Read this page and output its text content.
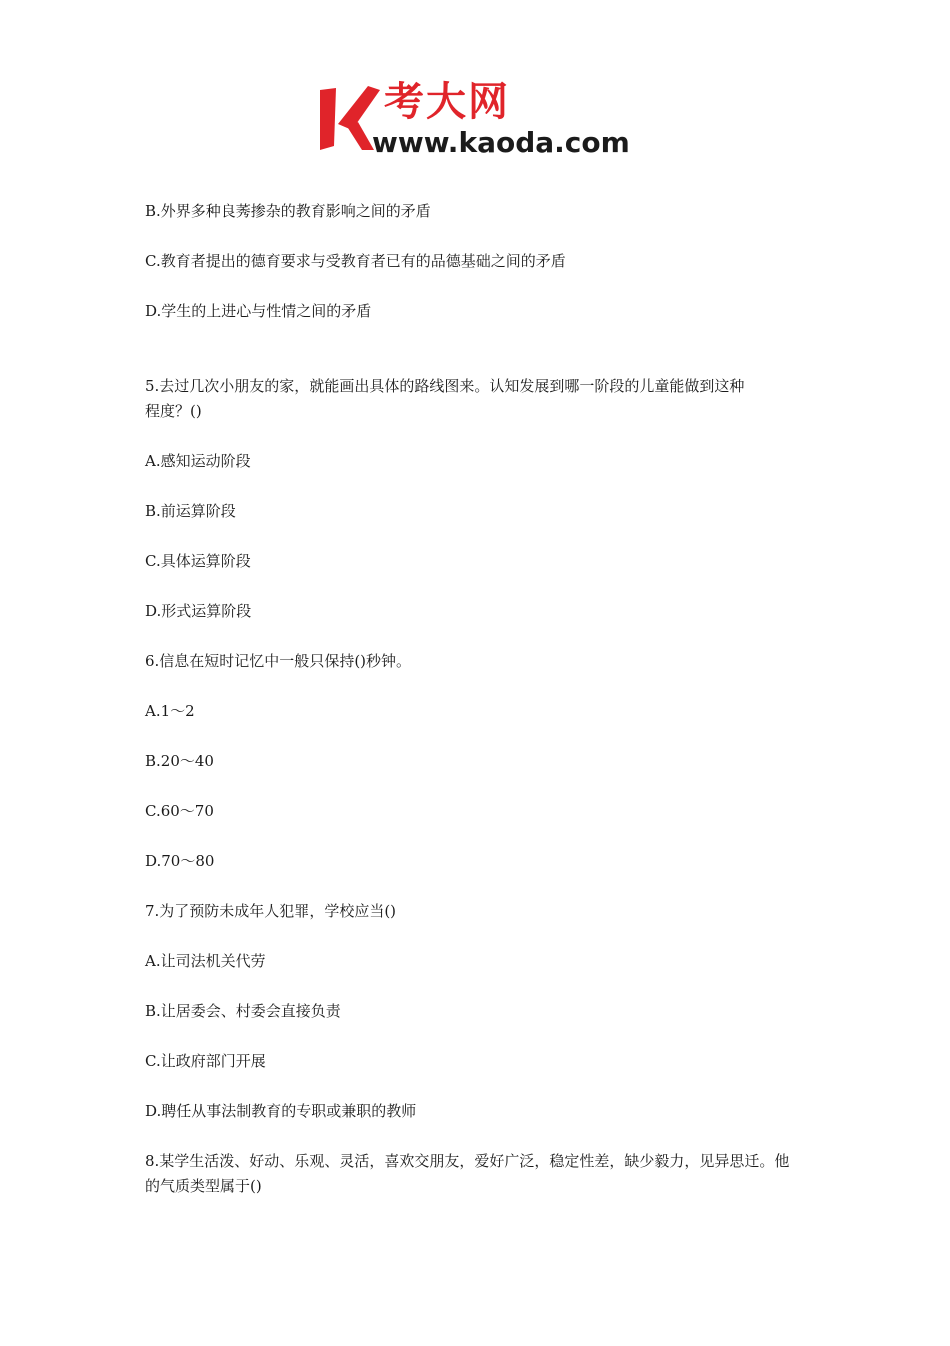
考大网
www.kaoda.com
B.外界多种良莠掺杂的教育影响之间的矛盾
C.教育者提出的德育要求与受教育者已有的品德基础之间的矛盾
D.学生的上进心与性情之间的矛盾
5.去过几次小朋友的家，就能画出具体的路线图来。认知发展到哪一阶段的儿童能做到这种
程度？()
A.感知运动阶段
B.前运算阶段
C.具体运算阶段
D.形式运算阶段
6.信息在短时记忆中一般只保持()秒钟。
A.1～2
B.20～40
C.60～70
D.70～80
7.为了预防未成年人犯罪，学校应当()
A.让司法机关代劳
B.让居委会、村委会直接负责
C.让政府部门开展
D.聘任从事法制教育的专职或兼职的教师
8.某学生活泼、好动、乐观、灵活，喜欢交朋友，爱好广泛，稳定性差，缺少毅力，见异思迁。他
的气质类型属于()
